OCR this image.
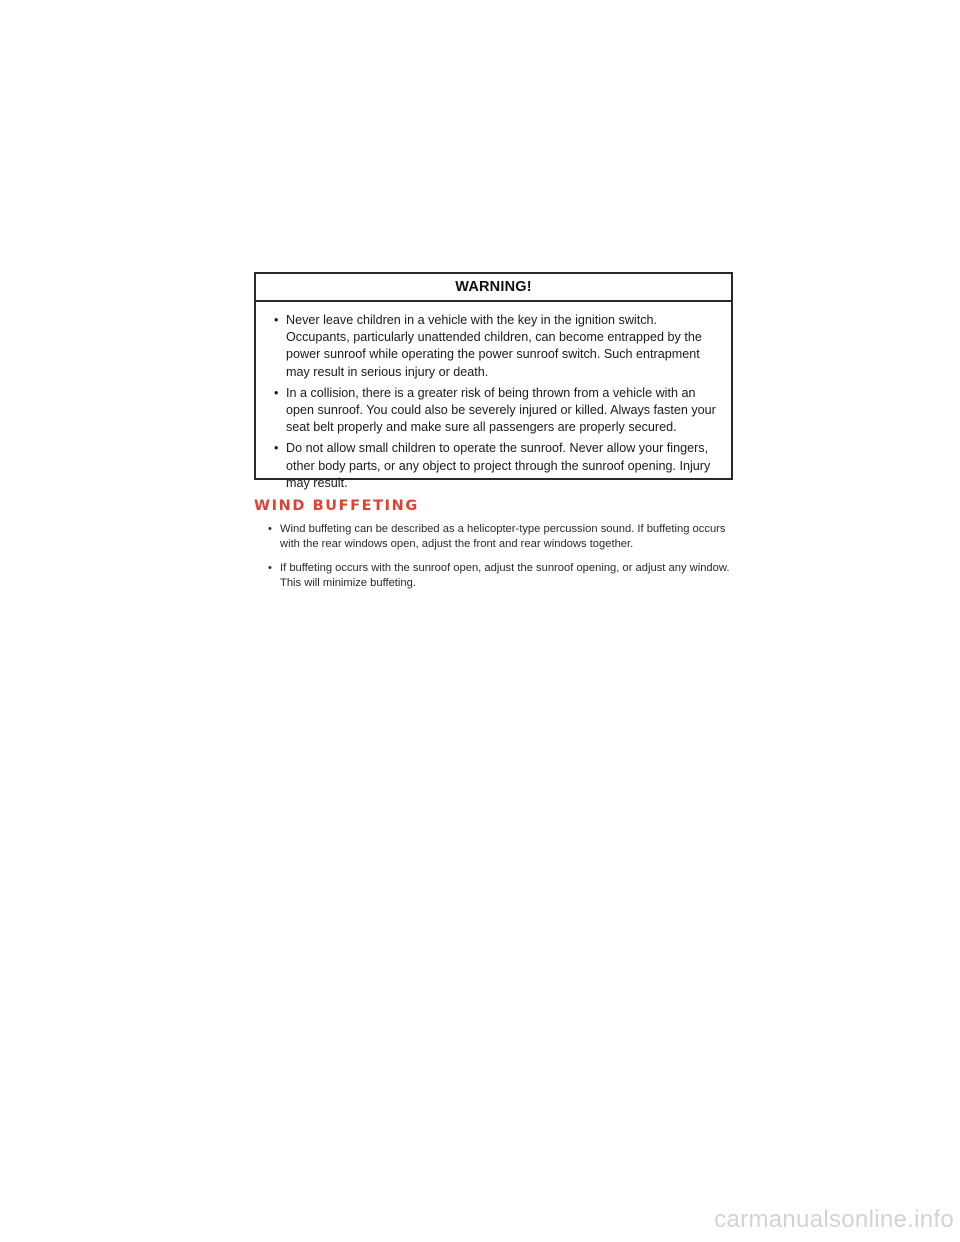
WARNING!
• Never leave children in a vehicle with the key in the ignition switch. Occupants, particularly unattended children, can become entrapped by the power sunroof while operating the power sunroof switch. Such entrapment may result in serious injury or death.
• In a collision, there is a greater risk of being thrown from a vehicle with an open sunroof. You could also be severely injured or killed. Always fasten your seat belt properly and make sure all passengers are properly secured.
• Do not allow small children to operate the sunroof. Never allow your fingers, other body parts, or any object to project through the sunroof opening. Injury may result.
WIND BUFFETING
• Wind buffeting can be described as a helicopter-type percussion sound. If buffeting occurs with the rear windows open, adjust the front and rear windows together.
• If buffeting occurs with the sunroof open, adjust the sunroof opening, or adjust any window. This will minimize buffeting.
carmanualsonline.info
